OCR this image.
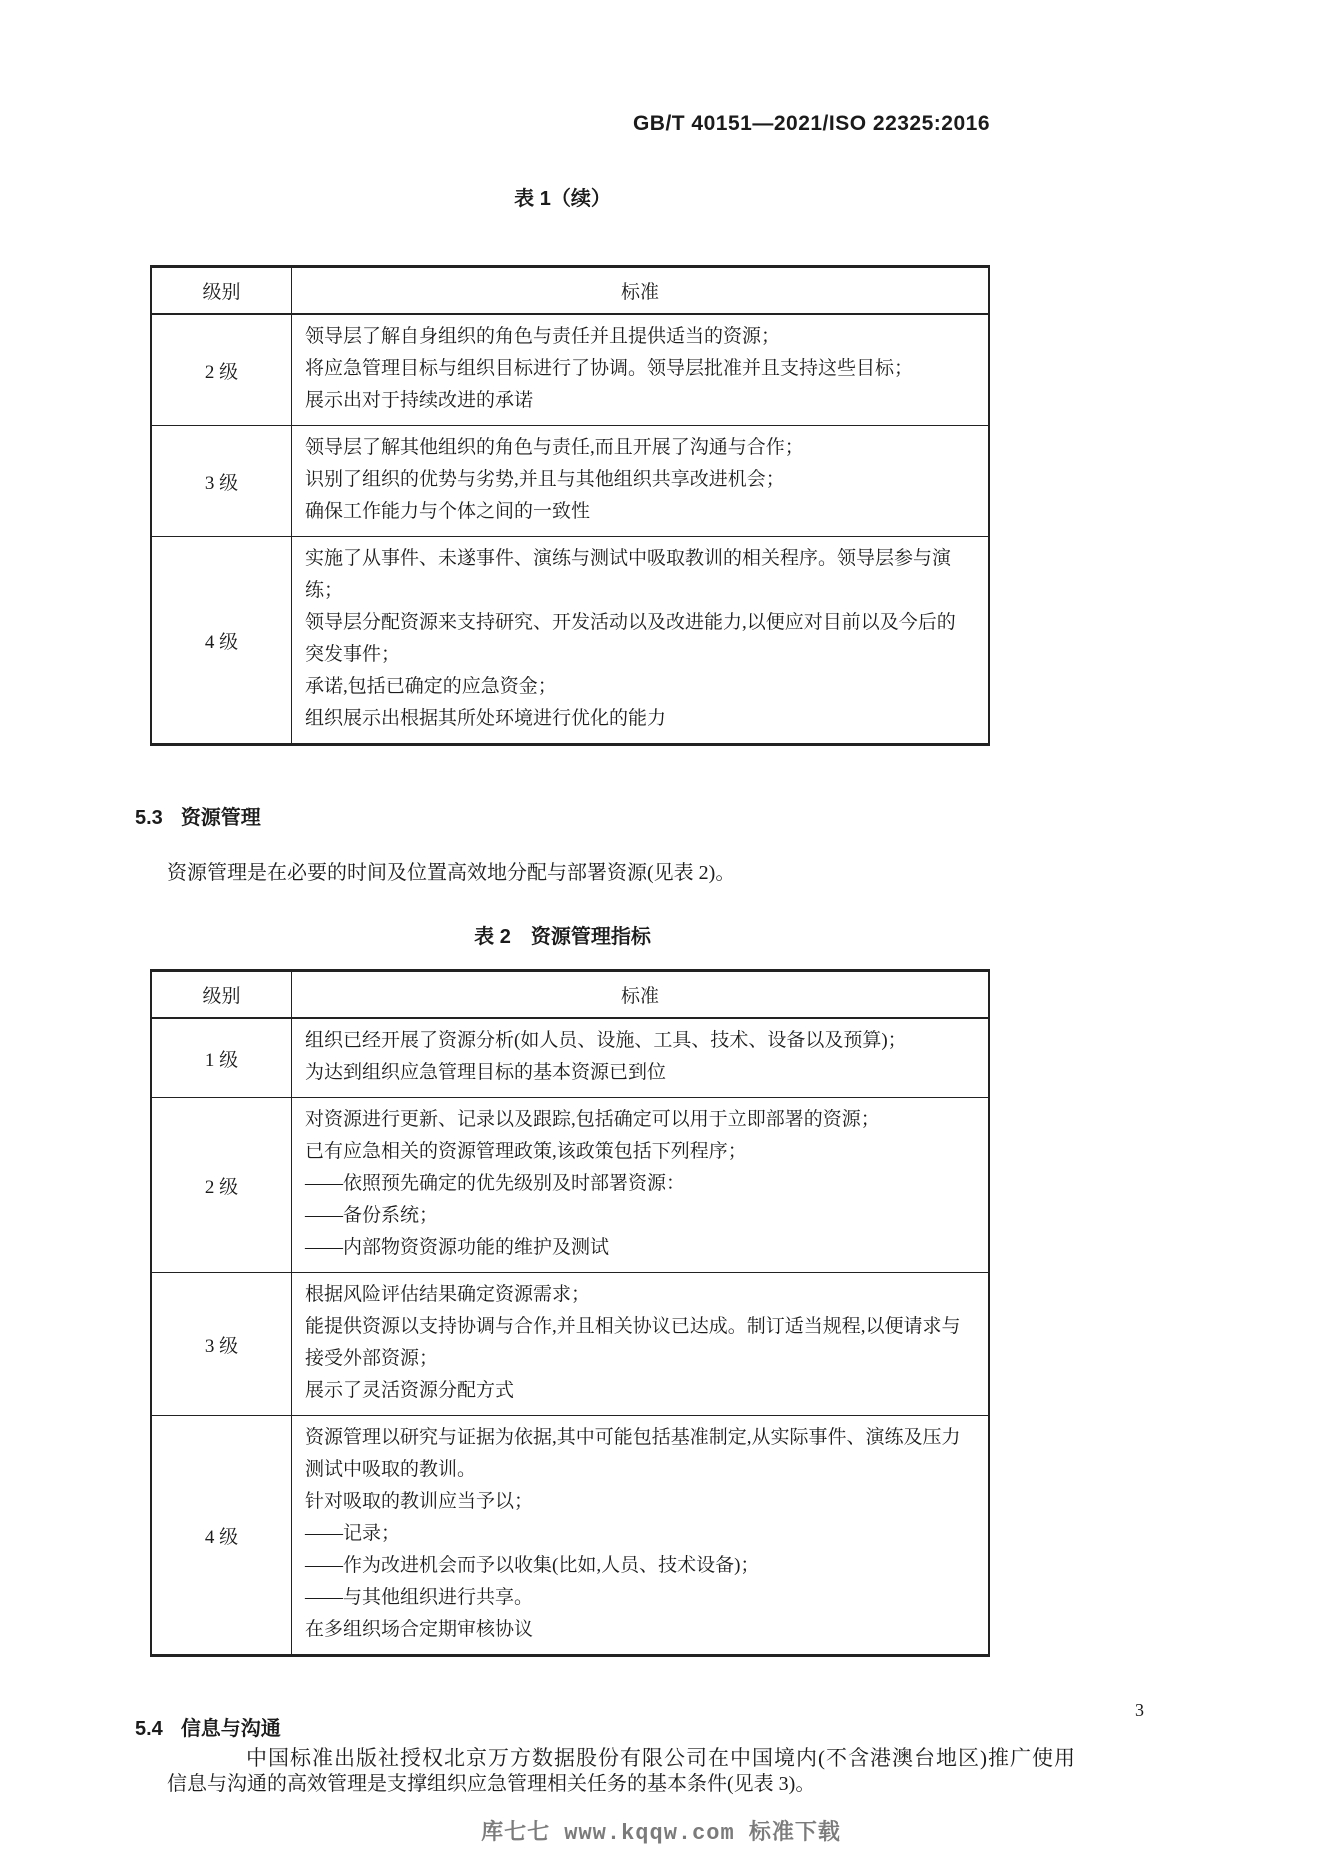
GB/T 40151—2021/ISO 22325:2016
表 1（续）
级别	标准
2 级
领导层了解自身组织的角色与责任并且提供适当的资源；
将应急管理目标与组织目标进行了协调。领导层批准并且支持这些目标；
展示出对于持续改进的承诺
3 级
领导层了解其他组织的角色与责任,而且开展了沟通与合作；
识别了组织的优势与劣势,并且与其他组织共享改进机会；
确保工作能力与个体之间的一致性
4 级
实施了从事件、未遂事件、演练与测试中吸取教训的相关程序。领导层参与演练；
领导层分配资源来支持研究、开发活动以及改进能力,以便应对目前以及今后的突发事件；
承诺,包括已确定的应急资金；
组织展示出根据其所处环境进行优化的能力
5.3 资源管理
资源管理是在必要的时间及位置高效地分配与部署资源(见表 2)。
表 2　资源管理指标
级别	标准
1 级
组织已经开展了资源分析(如人员、设施、工具、技术、设备以及预算)；
为达到组织应急管理目标的基本资源已到位
2 级
对资源进行更新、记录以及跟踪,包括确定可以用于立即部署的资源；
已有应急相关的资源管理政策,该政策包括下列程序；
——依照预先确定的优先级别及时部署资源：
——备份系统；
——内部物资资源功能的维护及测试
3 级
根据风险评估结果确定资源需求；
能提供资源以支持协调与合作,并且相关协议已达成。制订适当规程,以便请求与接受外部资源；
展示了灵活资源分配方式
4 级
资源管理以研究与证据为依据,其中可能包括基准制定,从实际事件、演练及压力测试中吸取的教训。
针对吸取的教训应当予以；
——记录；
——作为改进机会而予以收集(比如,人员、技术设备)；
——与其他组织进行共享。
在多组织场合定期审核协议
5.4 信息与沟通
信息与沟通的高效管理是支撑组织应急管理相关任务的基本条件(见表 3)。
3
中国标准出版社授权北京万方数据股份有限公司在中国境内(不含港澳台地区)推广使用
库七七 www.kqqw.com 标准下载
